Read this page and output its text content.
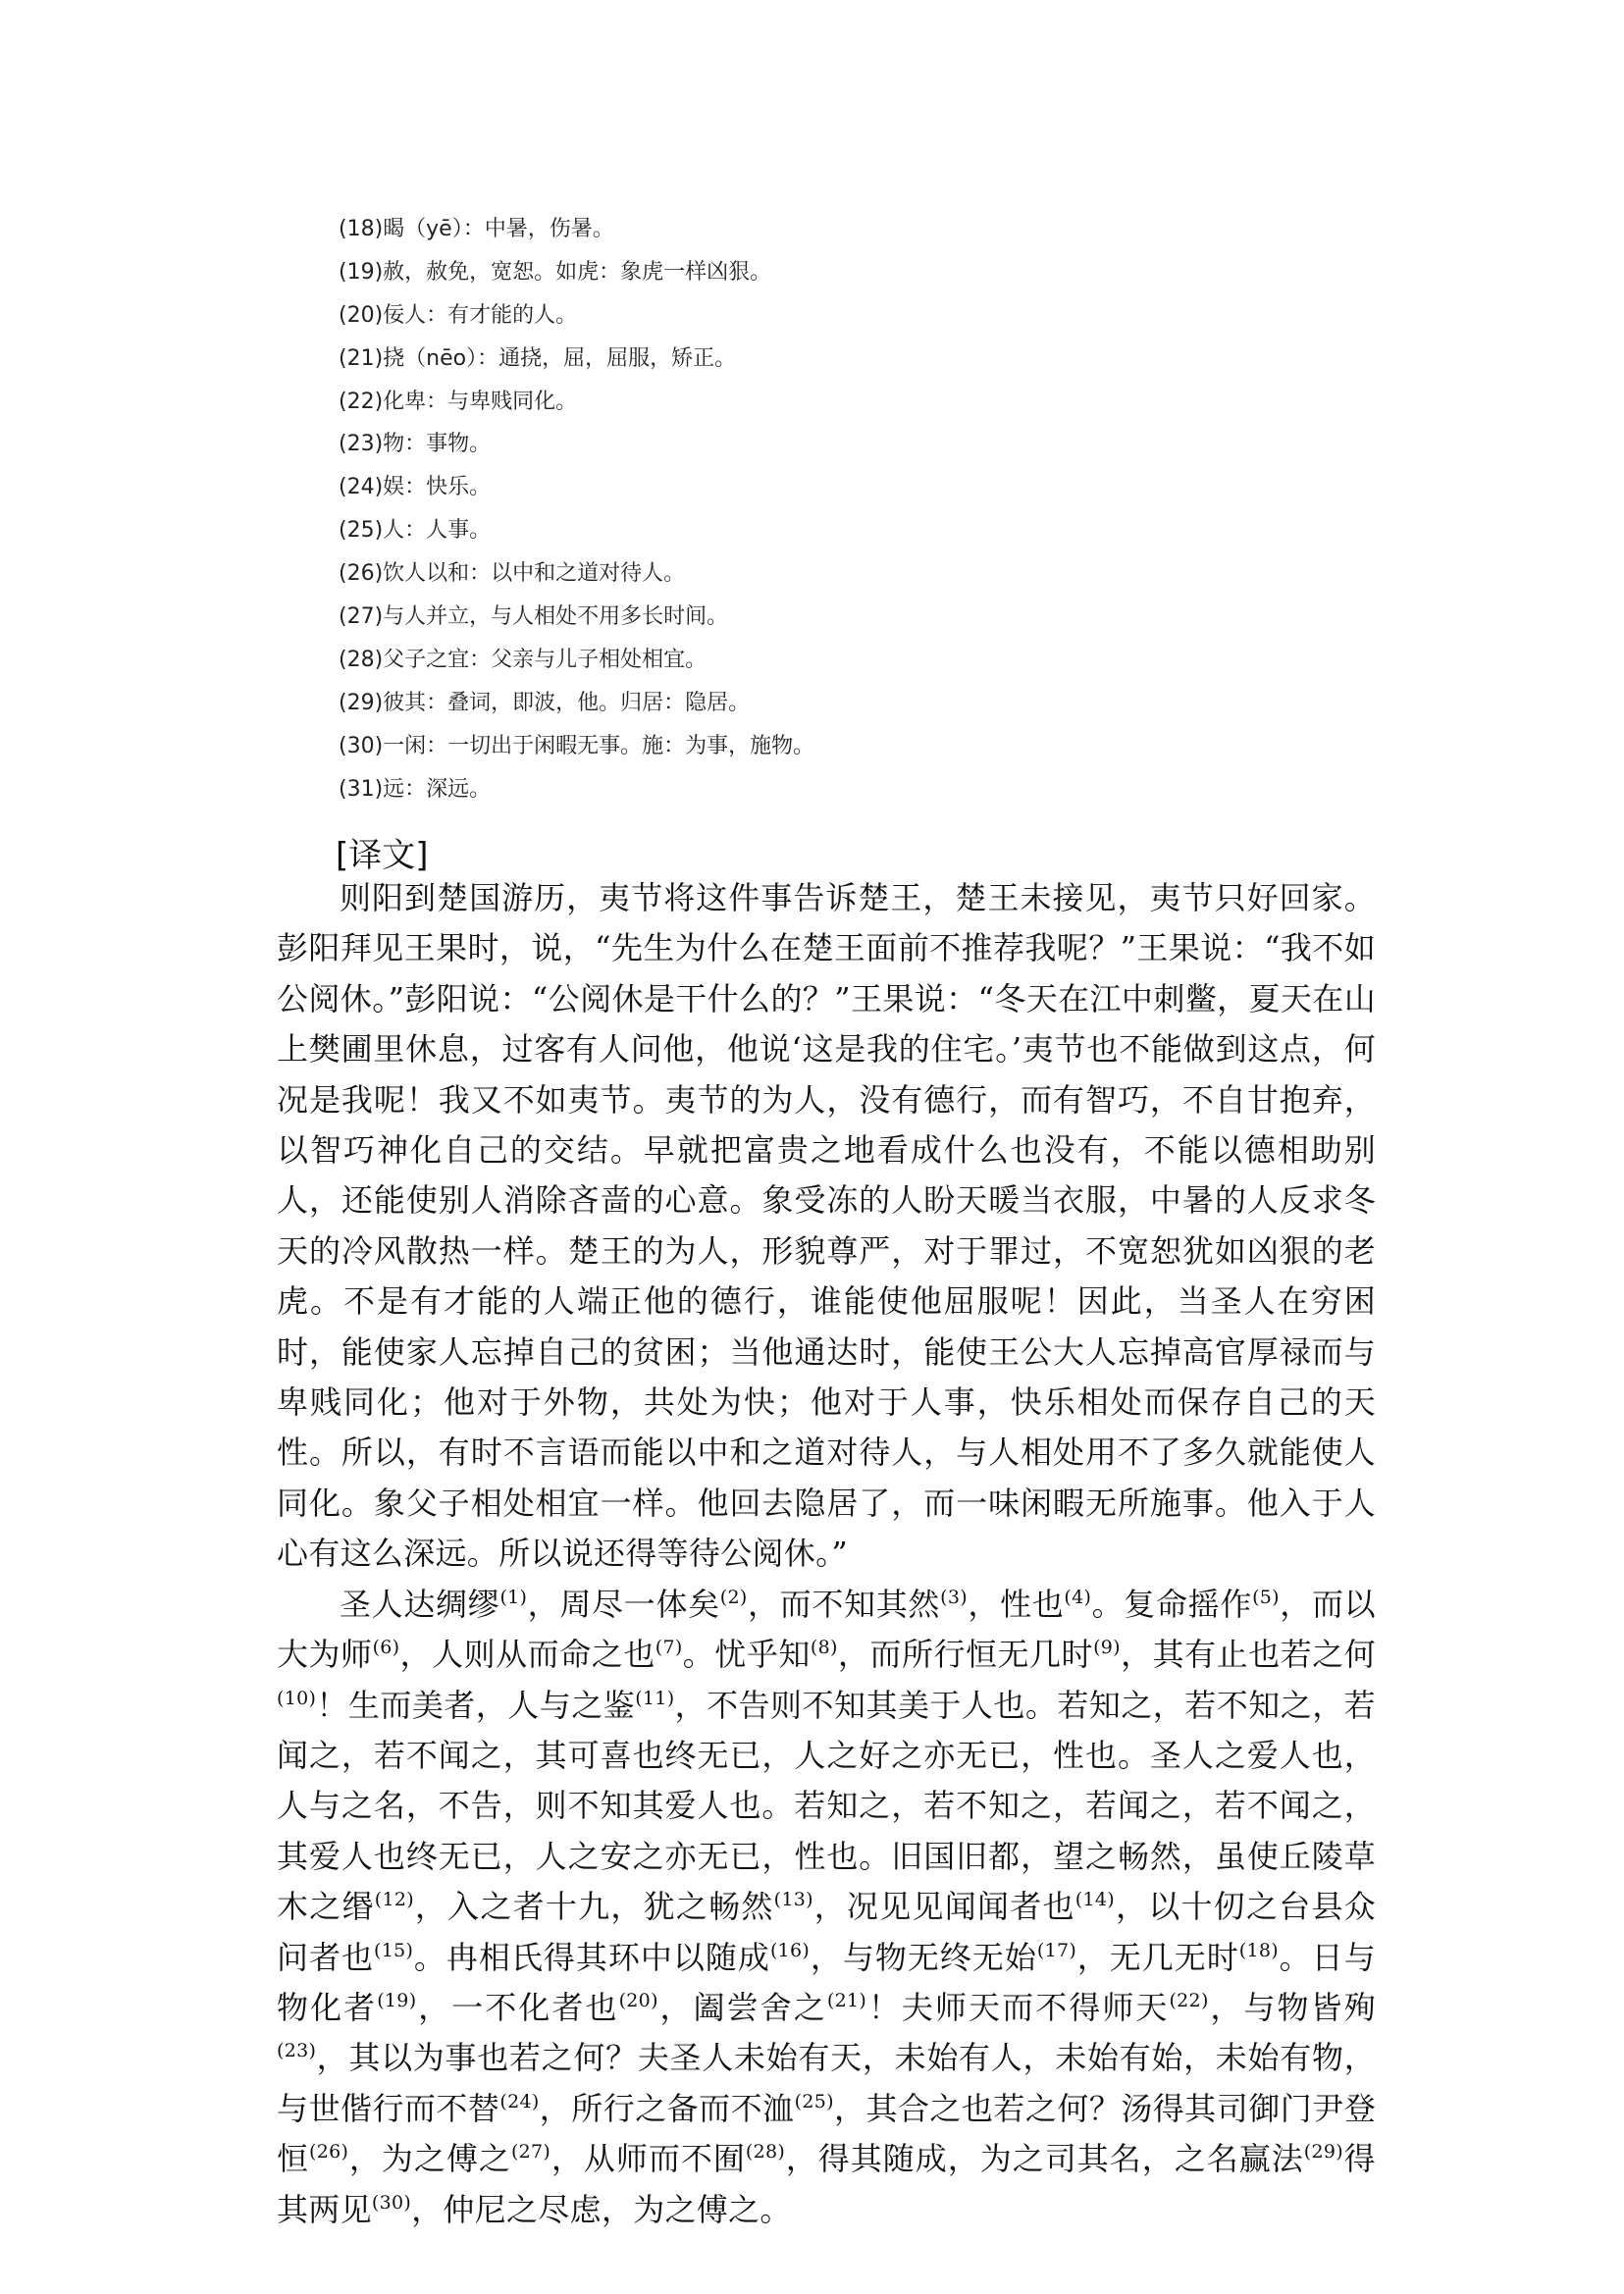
(18)暍（yē）：中暑，伤暑。
(19)赦，赦免，宽恕。如虎：象虎一样凶狠。
(20)佞人：有才能的人。
(21)挠（nēo）：通挠，屈，屈服，矫正。
(22)化卑：与卑贱同化。
(23)物：事物。
(24)娱：快乐。
(25)人：人事。
(26)饮人以和：以中和之道对待人。
(27)与人并立，与人相处不用多长时间。
(28)父子之宜：父亲与儿子相处相宜。
(29)彼其：叠词，即波，他。归居：隐居。
(30)一闲：一切出于闲暇无事。施：为事，施物。
(31)远：深远。
[译文]

则阳到楚国游历，夷节将这件事告诉楚王，楚王未接见，夷节只好回家。彭阳拜见王果时，说，“先生为什么在楚王面前不推荐我呢？”王果说：“我不如公阅休。”彭阳说：“公阅休是干什么的？”王果说：“冬天在江中刺鳖，夏天在山上樊圃里休息，过客有人问他，他说‘这是我的住宅。’夷节也不能做到这点，何况是我呢！我又不如夷节。夷节的为人，没有德行，而有智巧，不自甘抱弃，以智巧神化自己的交结。早就把富贵之地看成什么也没有，不能以德相助别人，还能使别人消除吝啬的心意。象受冻的人盼天暖当衣服，中暑的人反求冬天的冷风散热一样。楚王的为人，形貌尊严，对于罪过，不宽恕犹如凶狠的老虎。不是有才能的人端正他的德行，谁能使他屈服呢！因此，当圣人在穷困时，能使家人忘掉自己的贫困；当他通达时，能使王公大人忘掉高官厚禄而与卑贱同化；他对于外物，共处为快；他对于人事，快乐相处而保存自己的天性。所以，有时不言语而能以中和之道对待人，与人相处用不了多久就能使人同化。象父子相处相宜一样。他回去隐居了，而一味闲暇无所施事。他入于人心有这么深远。所以说还得等待公阅休。”

圣人达绸缪$^{(1)}$，周尽一体矣$^{(2)}$，而不知其然$^{(3)}$，性也$^{(4)}$。复命摇作$^{(5)}$，而以大为师$^{(6)}$，人则从而命之也$^{(7)}$。忧乎知$^{(8)}$，而所行恒无几时$^{(9)}$，其有止也若之何$^{(10)}$！生而美者，人与之鉴$^{(11)}$，不告则不知其美于人也。若知之，若不知之，若闻之，若不闻之，其可喜也终无已，人之好之亦无已，性也。圣人之爱人也，人与之名，不告，则不知其爱人也。若知之，若不知之，若闻之，若不闻之，其爱人也终无已，人之安之亦无已，性也。旧国旧都，望之畅然，虽使丘陵草木之缗$^{(12)}$，入之者十九，犹之畅然$^{(13)}$，况见见闻闻者也$^{(14)}$，以十仞之台县众问者也$^{(15)}$。冉相氏得其环中以随成$^{(16)}$，与物无终无始$^{(17)}$，无几无时$^{(18)}$。日与物化者$^{(19)}$，一不化者也$^{(20)}$，阖尝舍之$^{(21)}$！夫师天而不得师天$^{(22)}$，与物皆殉$^{(23)}$，其以为事也若之何？夫圣人未始有天，未始有人，未始有始，未始有物，与世偕行而不替$^{(24)}$，所行之备而不洫$^{(25)}$，其合之也若之何？汤得其司御门尹登恒$^{(26)}$，为之傅之$^{(27)}$，从师而不囿$^{(28)}$，得其随成，为之司其名，之名赢法$^{(29)}$得其两见$^{(30)}$，仲尼之尽虑，为之傅之。
